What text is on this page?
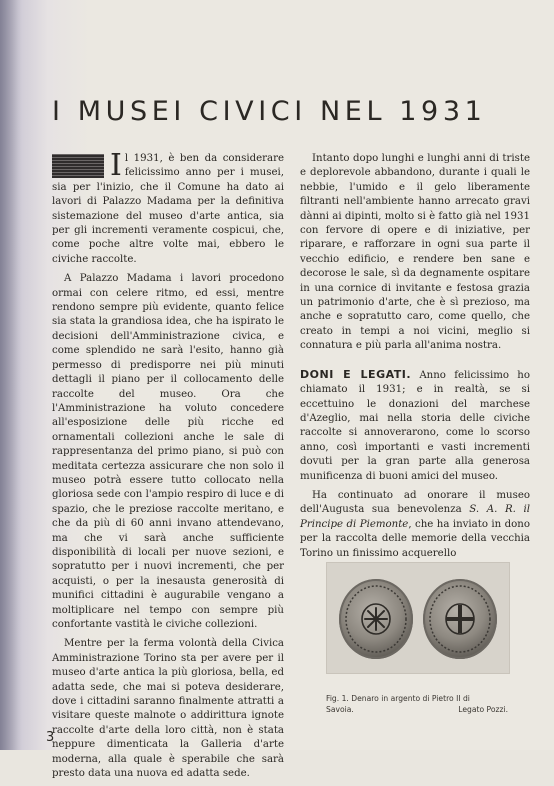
I MUSEI CIVICI NEL 1931
I l 1931, è ben da considerare felicissimo anno per i musei, sia per l'inizio, che il Comune ha dato ai lavori di Palazzo Madama per la definitiva sistemazione del museo d'arte antica, sia per gli incrementi veramente cospicui, che, come poche altre volte mai, ebbero le civiche raccolte.

A Palazzo Madama i lavori procedono ormai con celere ritmo, ed essi, mentre rendono sempre più evidente, quanto felice sia stata la grandiosa idea, che ha ispirato le decisioni dell'Amministrazione civica, e come splendido ne sarà l'esito, hanno già permesso di predisporre nei più minuti dettagli il piano per il collocamento delle raccolte del museo. Ora che l'Amministrazione ha voluto concedere all'esposizione delle più ricche ed ornamentali collezioni anche le sale di rappresentanza del primo piano, si può con meditata certezza assicurare che non solo il museo potrà essere tutto collocato nella gloriosa sede con l'ampio respiro di luce e di spazio, che le preziose raccolte meritano, e che da più di 60 anni invano attendevano, ma che vi sarà anche sufficiente disponibilità di locali per nuove sezioni, e sopratutto per i nuovi incrementi, che per acquisti, o per la inesausta generosità di munifici cittadini è augurabile vengano a moltiplicare nel tempo con sempre più confortante vastità le civiche collezioni.

Mentre per la ferma volontà della Civica Amministrazione Torino sta per avere per il museo d'arte antica la più gloriosa, bella, ed adatta sede, che mai si poteva desiderare, dove i cittadini saranno finalmente attratti a visitare queste malnote o addirittura ignote raccolte d'arte della loro città, non è stata neppure dimenticata la Galleria d'arte moderna, alla quale è sperabile che sarà presto data una nuova ed adatta sede.

Intanto dopo lunghi e lunghi anni di triste e deplorevole abbandono, durante i quali le nebbie, l'umido e il gelo liberamente filtranti nell'ambiente hanno arrecato gravi dànni ai dipinti, molto si è fatto già nel 1931 con fervore di opere e di iniziative, per riparare, e rafforzare in ogni sua parte il vecchio edificio, e rendere ben sane e decorose le sale, sì da degnamente ospitare in una cornice di invitante e festosa grazia un patrimonio d'arte, che è sì prezioso, ma anche e sopratutto caro, come quello, che creato in tempi a noi vicini, meglio si connatura e più parla all'anima nostra.

DONI E LEGATI. Anno felicissimo ho chiamato il 1931; e in realtà, se si eccettuino le donazioni del marchese d'Azeglio, mai nella storia delle civiche raccolte si annoverarono, come lo scorso anno, così importanti e vasti incrementi dovuti per la gran parte alla generosa munificenza di buoni amici del museo.

Ha continuato ad onorare il museo dell'Augusta sua benevolenza S. A. R. il Principe di Piemonte, che ha inviato in dono per la raccolta delle memorie della vecchia Torino un finissimo acquerello

Fig. 1. Denaro in argento di Pietro II di
Savoia.	Legato Pozzi.
3
